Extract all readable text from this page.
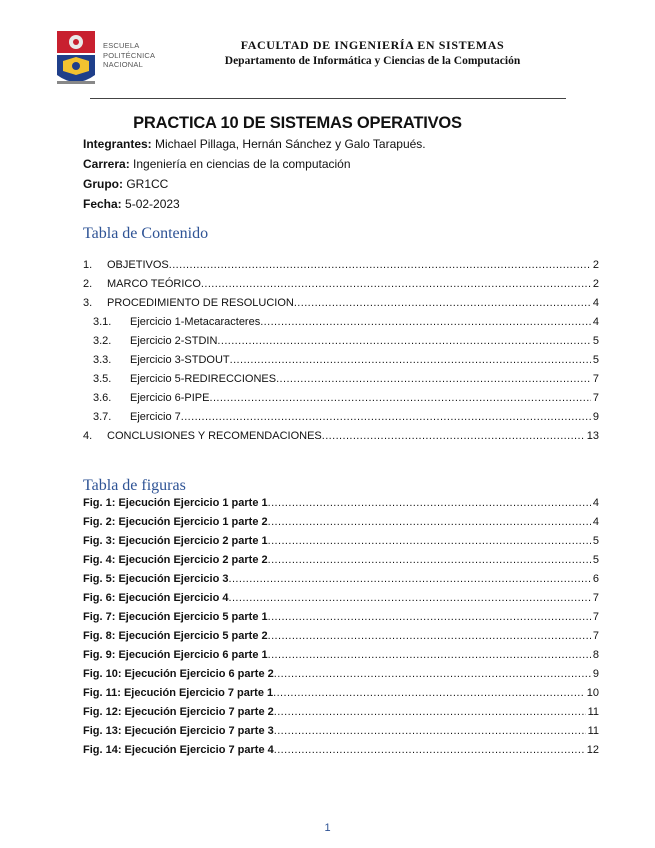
ESCUELA
POLITÉCNICA
NACIONAL
FACULTAD DE INGENIERÍA EN SISTEMAS
Departamento de Informática y Ciencias de la Computación
PRACTICA 10 DE SISTEMAS OPERATIVOS
Integrantes: Michael Pillaga, Hernán Sánchez y Galo Tarapués.
Carrera: Ingeniería en ciencias de la computación
Grupo: GR1CC
Fecha: 5-02-2023
Tabla de Contenido
1. OBJETIVOS .....	2
2. MARCO TEÓRICO .....	2
3. PROCEDIMIENTO DE RESOLUCION .....	4
3.1. Ejercicio 1-Metacaracteres .....	4
3.2. Ejercicio 2-STDIN .....	5
3.3. Ejercicio 3-STDOUT .....	5
3.5. Ejercicio 5-REDIRECCIONES .....	7
3.6. Ejercicio 6-PIPE .....	7
3.7. Ejercicio 7 .....	9
4. CONCLUSIONES Y RECOMENDACIONES .....	13
Tabla de figuras
Fig. 1: Ejecución Ejercicio 1 parte 1 .....	4
Fig. 2: Ejecución Ejercicio 1 parte 2 .....	4
Fig. 3: Ejecución Ejercicio 2 parte 1 .....	5
Fig. 4: Ejecución Ejercicio 2 parte 2 .....	5
Fig. 5: Ejecución Ejercicio 3 .....	6
Fig. 6: Ejecución Ejercicio 4 .....	7
Fig. 7: Ejecución Ejercicio 5 parte 1 .....	7
Fig. 8: Ejecución Ejercicio 5 parte 2 .....	7
Fig. 9: Ejecución Ejercicio 6 parte 1 .....	8
Fig. 10: Ejecución Ejercicio 6 parte 2 .....	9
Fig. 11: Ejecución Ejercicio 7 parte 1 .....	10
Fig. 12: Ejecución Ejercicio 7 parte 2 .....	11
Fig. 13: Ejecución Ejercicio 7 parte 3 .....	11
Fig. 14: Ejecución Ejercicio 7 parte 4 .....	12
1
